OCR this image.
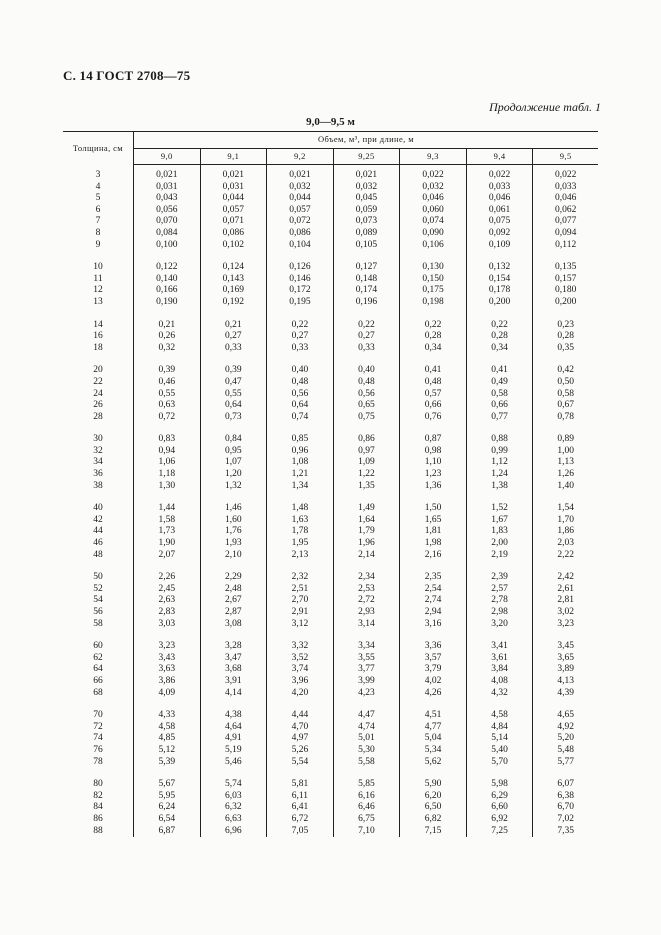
С. 14 ГОСТ 2708—75
Продолжение табл. 1
9,0—9,5 м
Толщина, см	Объем, м³, при длине, м						
	9,0	9,1	9,2	9,25	9,3	9,4	9,5
3	0,021	0,021	0,021	0,021	0,022	0,022	0,022
4	0,031	0,031	0,032	0,032	0,032	0,033	0,033
5	0,043	0,044	0,044	0,045	0,046	0,046	0,046
6	0,056	0,057	0,057	0,059	0,060	0,061	0,062
7	0,070	0,071	0,072	0,073	0,074	0,075	0,077
8	0,084	0,086	0,086	0,089	0,090	0,092	0,094
9	0,100	0,102	0,104	0,105	0,106	0,109	0,112

10	0,122	0,124	0,126	0,127	0,130	0,132	0,135
11	0,140	0,143	0,146	0,148	0,150	0,154	0,157
12	0,166	0,169	0,172	0,174	0,175	0,178	0,180
13	0,190	0,192	0,195	0,196	0,198	0,200	0,200

14	0,21	0,21	0,22	0,22	0,22	0,22	0,23
16	0,26	0,27	0,27	0,27	0,28	0,28	0,28
18	0,32	0,33	0,33	0,33	0,34	0,34	0,35

20	0,39	0,39	0,40	0,40	0,41	0,41	0,42
22	0,46	0,47	0,48	0,48	0,48	0,49	0,50
24	0,55	0,55	0,56	0,56	0,57	0,58	0,58
26	0,63	0,64	0,64	0,65	0,66	0,66	0,67
28	0,72	0,73	0,74	0,75	0,76	0,77	0,78

30	0,83	0,84	0,85	0,86	0,87	0,88	0,89
32	0,94	0,95	0,96	0,97	0,98	0,99	1,00
34	1,06	1,07	1,08	1,09	1,10	1,12	1,13
36	1,18	1,20	1,21	1,22	1,23	1,24	1,26
38	1,30	1,32	1,34	1,35	1,36	1,38	1,40

40	1,44	1,46	1,48	1,49	1,50	1,52	1,54
42	1,58	1,60	1,63	1,64	1,65	1,67	1,70
44	1,73	1,76	1,78	1,79	1,81	1,83	1,86
46	1,90	1,93	1,95	1,96	1,98	2,00	2,03
48	2,07	2,10	2,13	2,14	2,16	2,19	2,22

50	2,26	2,29	2,32	2,34	2,35	2,39	2,42
52	2,45	2,48	2,51	2,53	2,54	2,57	2,61
54	2,63	2,67	2,70	2,72	2,74	2,78	2,81
56	2,83	2,87	2,91	2,93	2,94	2,98	3,02
58	3,03	3,08	3,12	3,14	3,16	3,20	3,23

60	3,23	3,28	3,32	3,34	3,36	3,41	3,45
62	3,43	3,47	3,52	3,55	3,57	3,61	3,65
64	3,63	3,68	3,74	3,77	3,79	3,84	3,89
66	3,86	3,91	3,96	3,99	4,02	4,08	4,13
68	4,09	4,14	4,20	4,23	4,26	4,32	4,39

70	4,33	4,38	4,44	4,47	4,51	4,58	4,65
72	4,58	4,64	4,70	4,74	4,77	4,84	4,92
74	4,85	4,91	4,97	5,01	5,04	5,14	5,20
76	5,12	5,19	5,26	5,30	5,34	5,40	5,48
78	5,39	5,46	5,54	5,58	5,62	5,70	5,77

80	5,67	5,74	5,81	5,85	5,90	5,98	6,07
82	5,95	6,03	6,11	6,16	6,20	6,29	6,38
84	6,24	6,32	6,41	6,46	6,50	6,60	6,70
86	6,54	6,63	6,72	6,75	6,82	6,92	7,02
88	6,87	6,96	7,05	7,10	7,15	7,25	7,35
